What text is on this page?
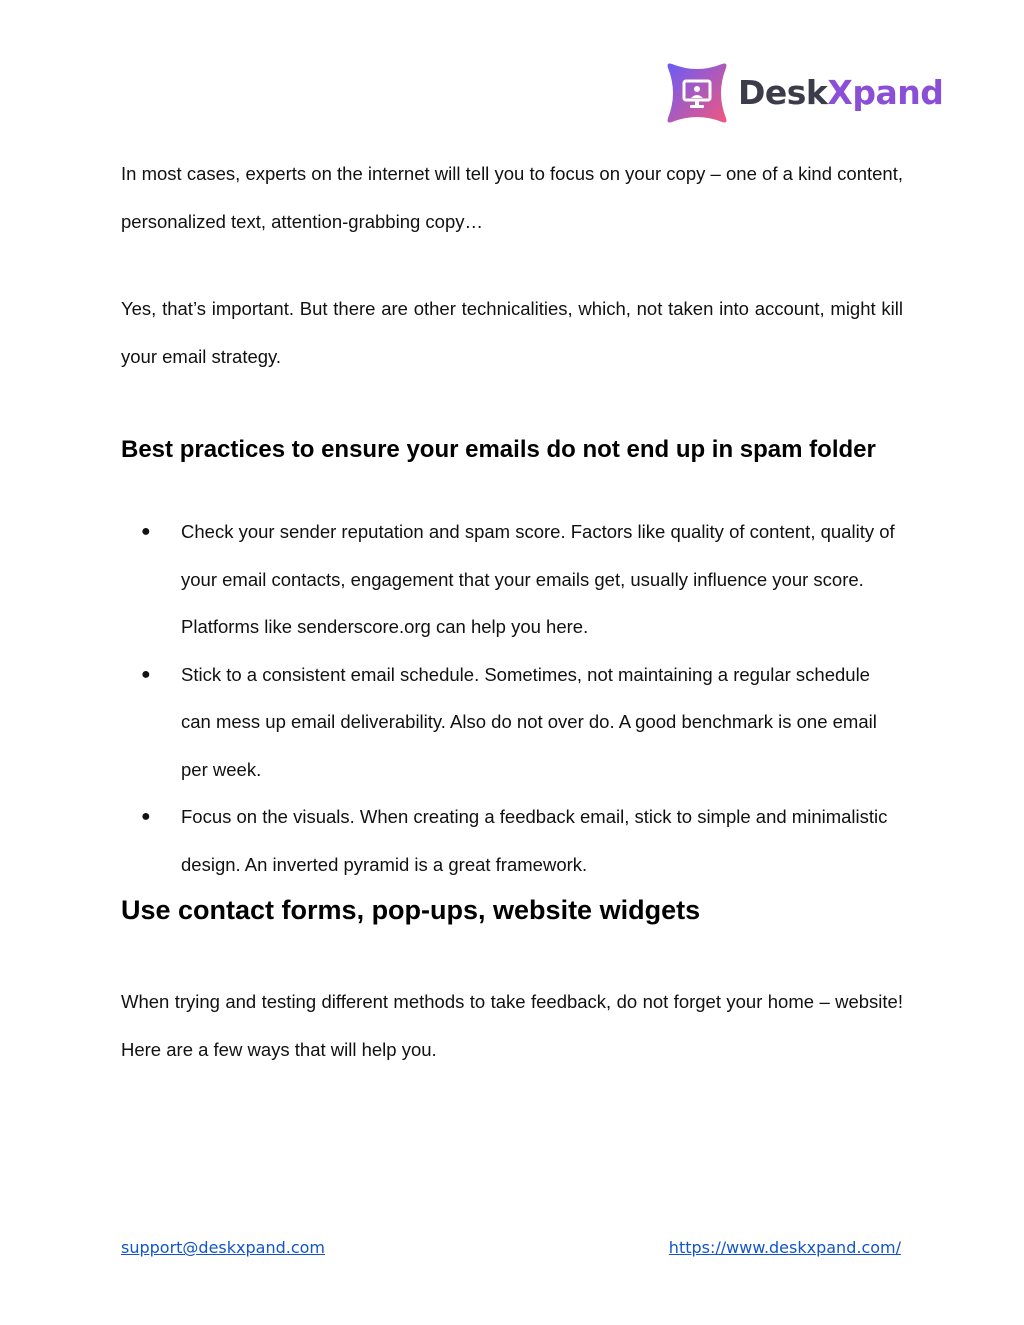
DeskXpand

In most cases, experts on the internet will tell you to focus on your copy – one of a kind content, personalized text, attention-grabbing copy…

Yes, that’s important. But there are other technicalities, which, not taken into account, might kill your email strategy.

Best practices to ensure your emails do not end up in spam folder
● Check your sender reputation and spam score. Factors like quality of content, quality of your email contacts, engagement that your emails get, usually influence your score. Platforms like senderscore.org can help you here.
● Stick to a consistent email schedule. Sometimes, not maintaining a regular schedule can mess up email deliverability. Also do not over do. A good benchmark is one email per week.
● Focus on the visuals. When creating a feedback email, stick to simple and minimalistic design. An inverted pyramid is a great framework.
Use contact forms, pop-ups, website widgets

When trying and testing different methods to take feedback, do not forget your home – website! Here are a few ways that will help you.

support@deskxpand.com	https://www.deskxpand.com/
